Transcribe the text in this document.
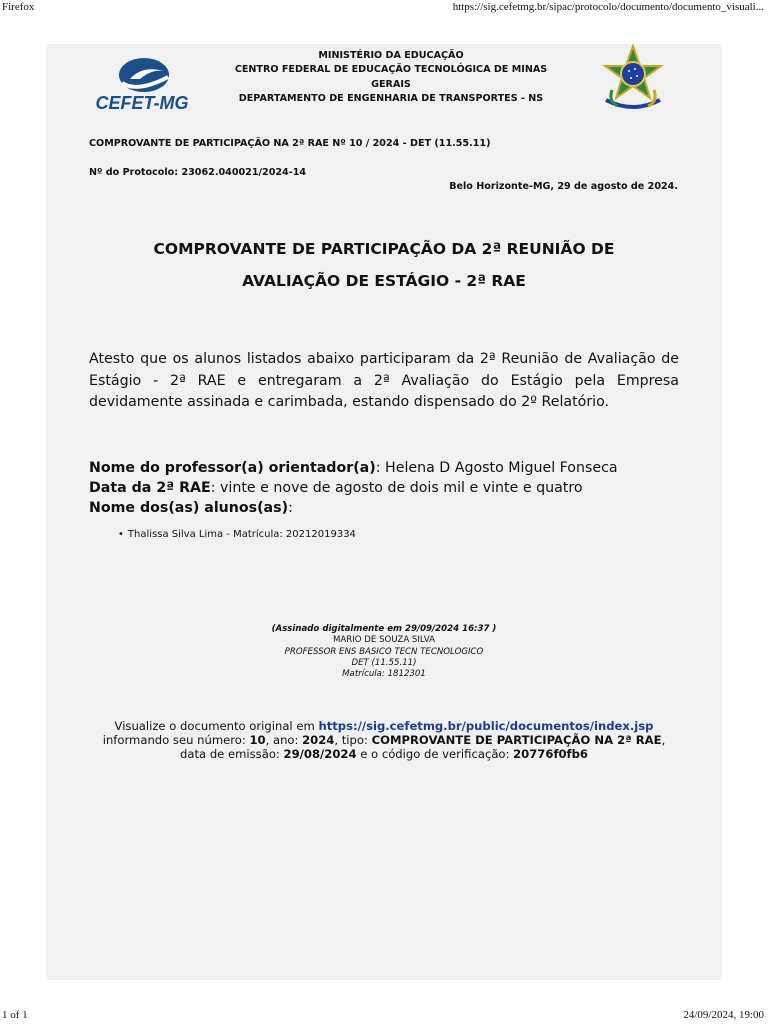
Firefox	https://sig.cefetmg.br/sipac/protocolo/documento/documento_visuali...
CEFET-MG
MINISTÉRIO DA EDUCAÇÃO
CENTRO FEDERAL DE EDUCAÇÃO TECNOLÓGICA DE MINAS
GERAIS
DEPARTAMENTO DE ENGENHARIA DE TRANSPORTES - NS
COMPROVANTE DE PARTICIPAÇÃO NA 2ª RAE Nº 10 / 2024 - DET (11.55.11)
Nº do Protocolo: 23062.040021/2024-14
Belo Horizonte-MG, 29 de agosto de 2024.
COMPROVANTE DE PARTICIPAÇÃO DA 2ª REUNIÃO DE
AVALIAÇÃO DE ESTÁGIO - 2ª RAE
Atesto que os alunos listados abaixo participaram da 2ª Reunião de Avaliação de Estágio - 2ª RAE e entregaram a 2ª Avaliação do Estágio pela Empresa devidamente assinada e carimbada, estando dispensado do 2º Relatório.
Nome do professor(a) orientador(a): Helena D Agosto Miguel Fonseca
Data da 2ª RAE: vinte e nove de agosto de dois mil e vinte e quatro
Nome dos(as) alunos(as):
• Thalissa Silva Lima - Matrícula: 20212019334
(Assinado digitalmente em 29/09/2024 16:37 )
MARIO DE SOUZA SILVA
PROFESSOR ENS BASICO TECN TECNOLOGICO
DET (11.55.11)
Matrícula: 1812301
Visualize o documento original em https://sig.cefetmg.br/public/documentos/index.jsp
informando seu número: 10, ano: 2024, tipo: COMPROVANTE DE PARTICIPAÇÃO NA 2ª RAE,
data de emissão: 29/08/2024 e o código de verificação: 20776f0fb6
1 of 1	24/09/2024, 19:00
